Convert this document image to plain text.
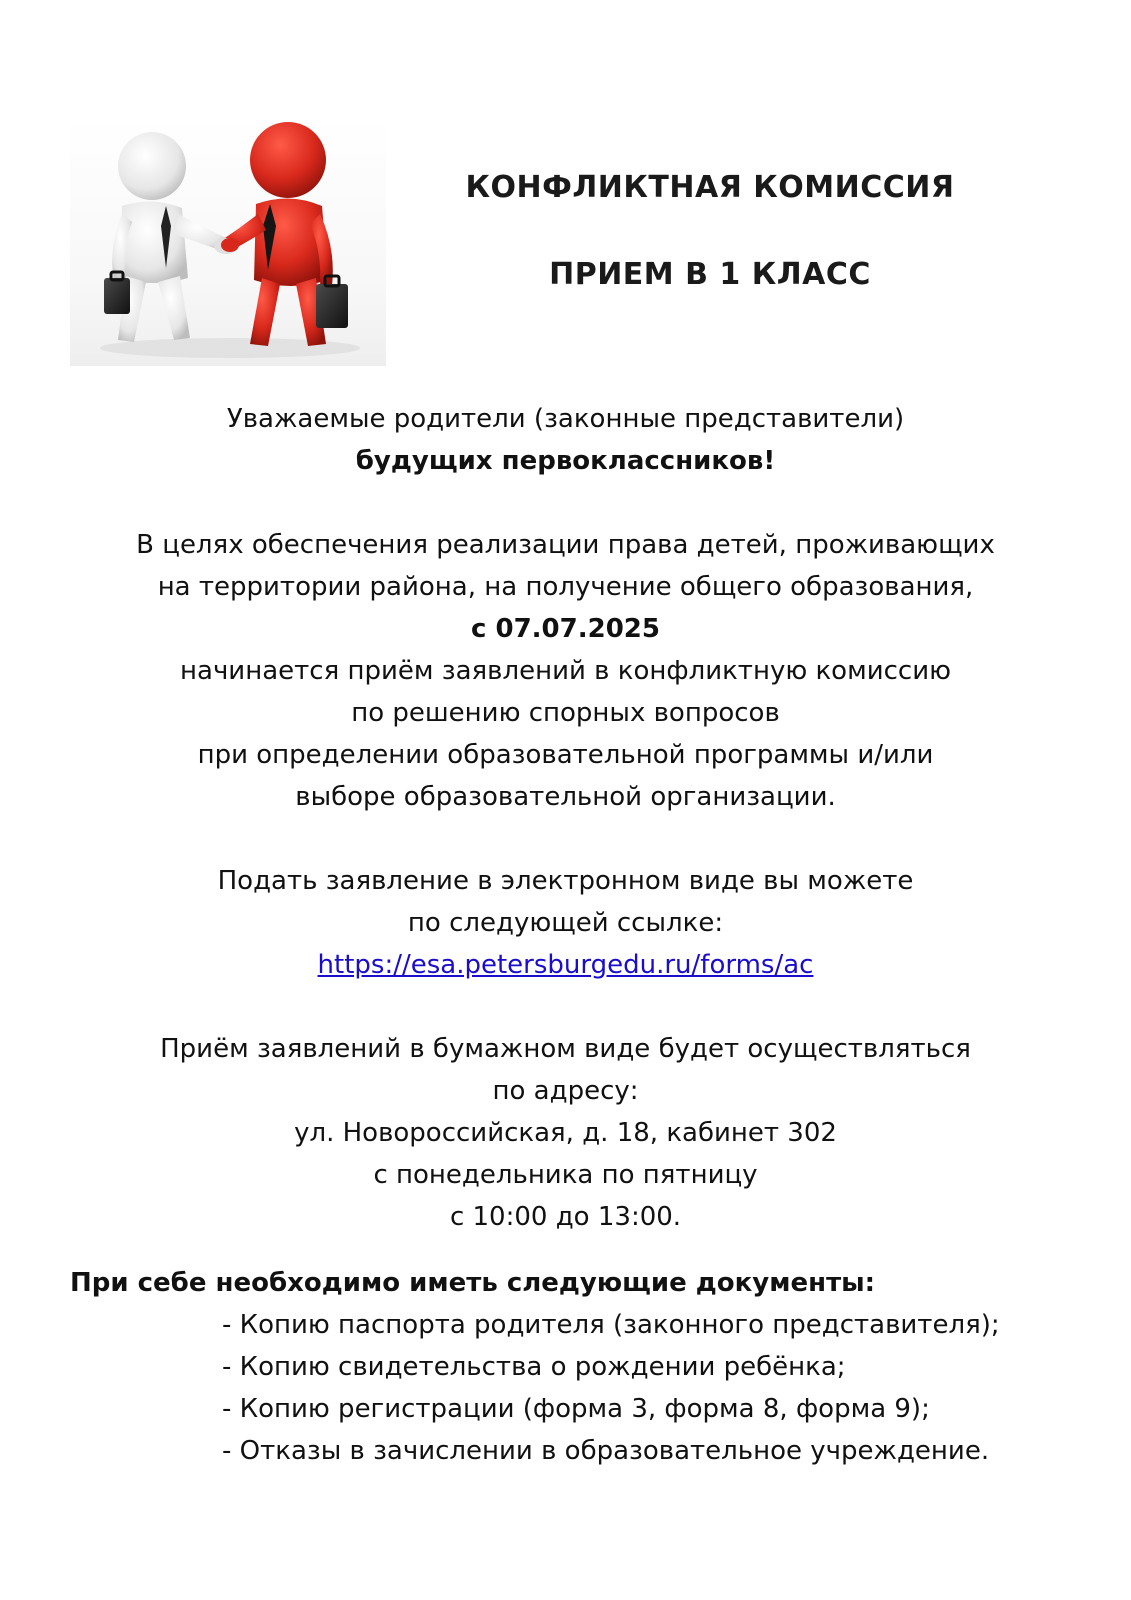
КОНФЛИКТНАЯ КОМИССИЯ

ПРИЕМ В 1 КЛАСС

Уважаемые родители (законные представители)

будущих первоклассников!

В целях обеспечения реализации права детей, проживающих

на территории района, на получение общего образования,

с 07.07.2025

начинается приём заявлений в конфликтную комиссию

по решению спорных вопросов

при определении образовательной программы и/или

выборе образовательной организации.

Подать заявление в электронном виде вы можете

по следующей ссылке:

https://esa.petersburgedu.ru/forms/ac

Приём заявлений в бумажном виде будет осуществляться

по адресу:

ул. Новороссийская, д. 18, кабинет 302

с понедельника по пятницу

с 10:00 до 13:00.

При себе необходимо иметь следующие документы:

- Копию паспорта родителя (законного представителя);
- Копию свидетельства о рождении ребёнка;
- Копию регистрации (форма 3, форма 8, форма 9);
- Отказы в зачислении в образовательное учреждение.
